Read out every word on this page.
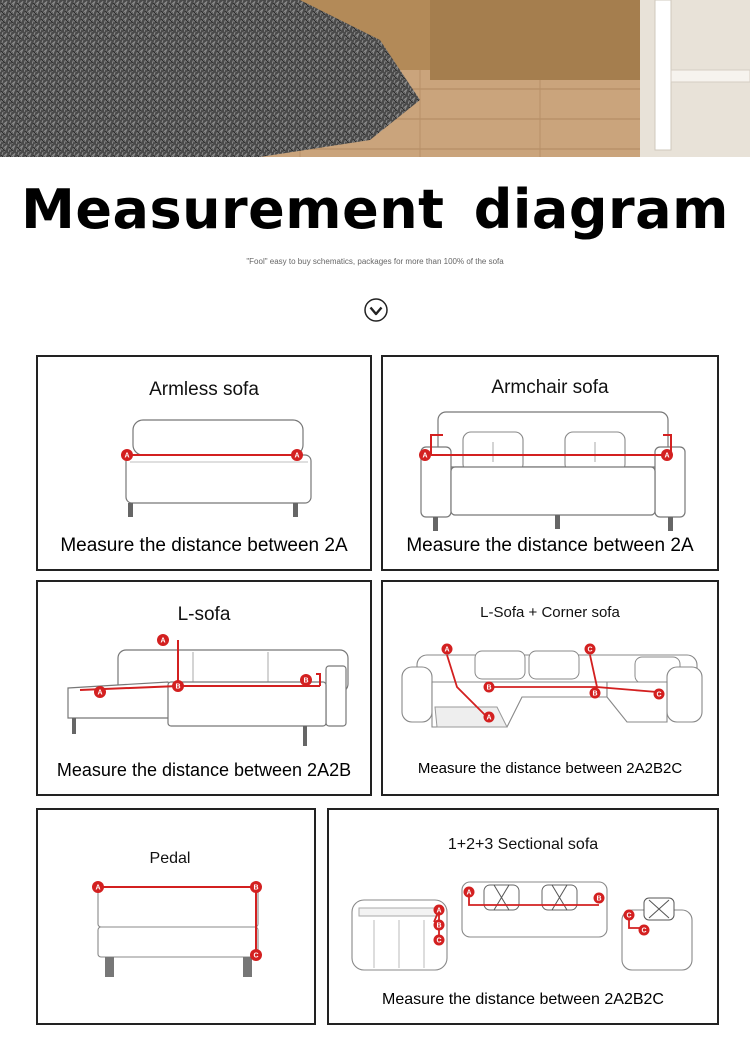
Measurement diagram
"Fool" easy to buy schematics, packages for more than 100% of the sofa
Armless sofa
A	A
Measure the distance between 2A
Armchair sofa
A	A
Measure the distance between 2A
L-sofa
A
A
B
B
Measure the distance between 2A2B
L-Sofa + Corner sofa
A
A
B
B
C
C
Measure the distance between 2A2B2C
Pedal
A	B
C
1+2+3 Sectional sofa
A
B
C
A
B
C
C
Measure the distance between 2A2B2C
